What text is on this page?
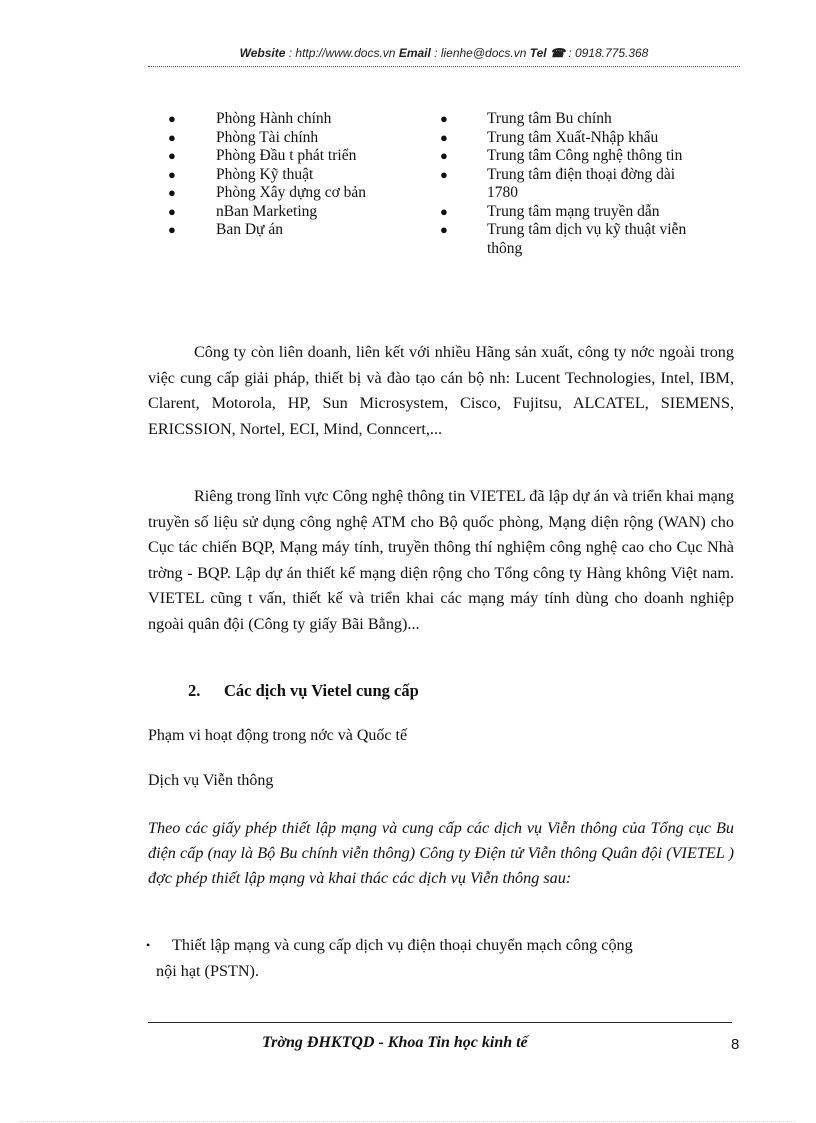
Website : http://www.docs.vn Email : lienhe@docs.vn Tel ☎ : 0918.775.368
●	Phòng Hành chính
●	Phòng Tài chính
●	Phòng Đầu t phát triển
●	Phòng Kỹ thuật
●	Phòng Xây dựng cơ bản
●	nBan Marketing
●	Ban Dự án
●	Trung tâm Bu chính
●	Trung tâm Xuất-Nhập khẩu
●	Trung tâm Công nghệ thông tin
●	Trung tâm điện thoại đờng dài
1780
●	Trung tâm mạng truyền dẫn
●	Trung tâm dịch vụ kỹ thuật viễn
thông
Công ty còn liên doanh, liên kết với nhiều Hãng sản xuất, công ty nớc ngoài trong việc cung cấp giải pháp, thiết bị và đào tạo cán bộ nh: Lucent Technologies, Intel, IBM, Clarent, Motorola, HP, Sun Microsystem, Cisco, Fujitsu, ALCATEL, SIEMENS, ERICSSION, Nortel, ECI, Mind, Conncert,...
Riêng trong lĩnh vực Công nghệ thông tin VIETEL đã lập dự án và triển khai mạng truyền số liệu sử dụng công nghệ ATM cho Bộ quốc phòng, Mạng diện rộng (WAN) cho Cục tác chiến BQP, Mạng máy tính, truyền thông thí nghiệm công nghệ cao cho Cục Nhà trờng - BQP. Lập dự án thiết kế mạng diện rộng cho Tổng công ty Hàng không Việt nam. VIETEL cũng t vấn, thiết kế và triển khai các mạng máy tính dùng cho doanh nghiệp ngoài quân đội (Công ty giấy Bãi Bằng)...
2. Các dịch vụ Vietel cung cấp
Phạm vi hoạt động trong nớc và Quốc tế
Dịch vụ Viễn thông
Theo các giấy phép thiết lập mạng và cung cấp các dịch vụ Viễn thông của Tổng cục Bu điện cấp (nay là Bộ Bu chính viễn thông) Công ty Điện tử Viễn thông Quân đội (VIETEL ) đợc phép thiết lập mạng và khai thác các dịch vụ Viễn thông sau:
•	Thiết lập mạng và cung cấp dịch vụ điện thoại chuyển mạch công cộng
nội hạt (PSTN).
Trờng ĐHKTQD - Khoa Tin học kinh tế	8
